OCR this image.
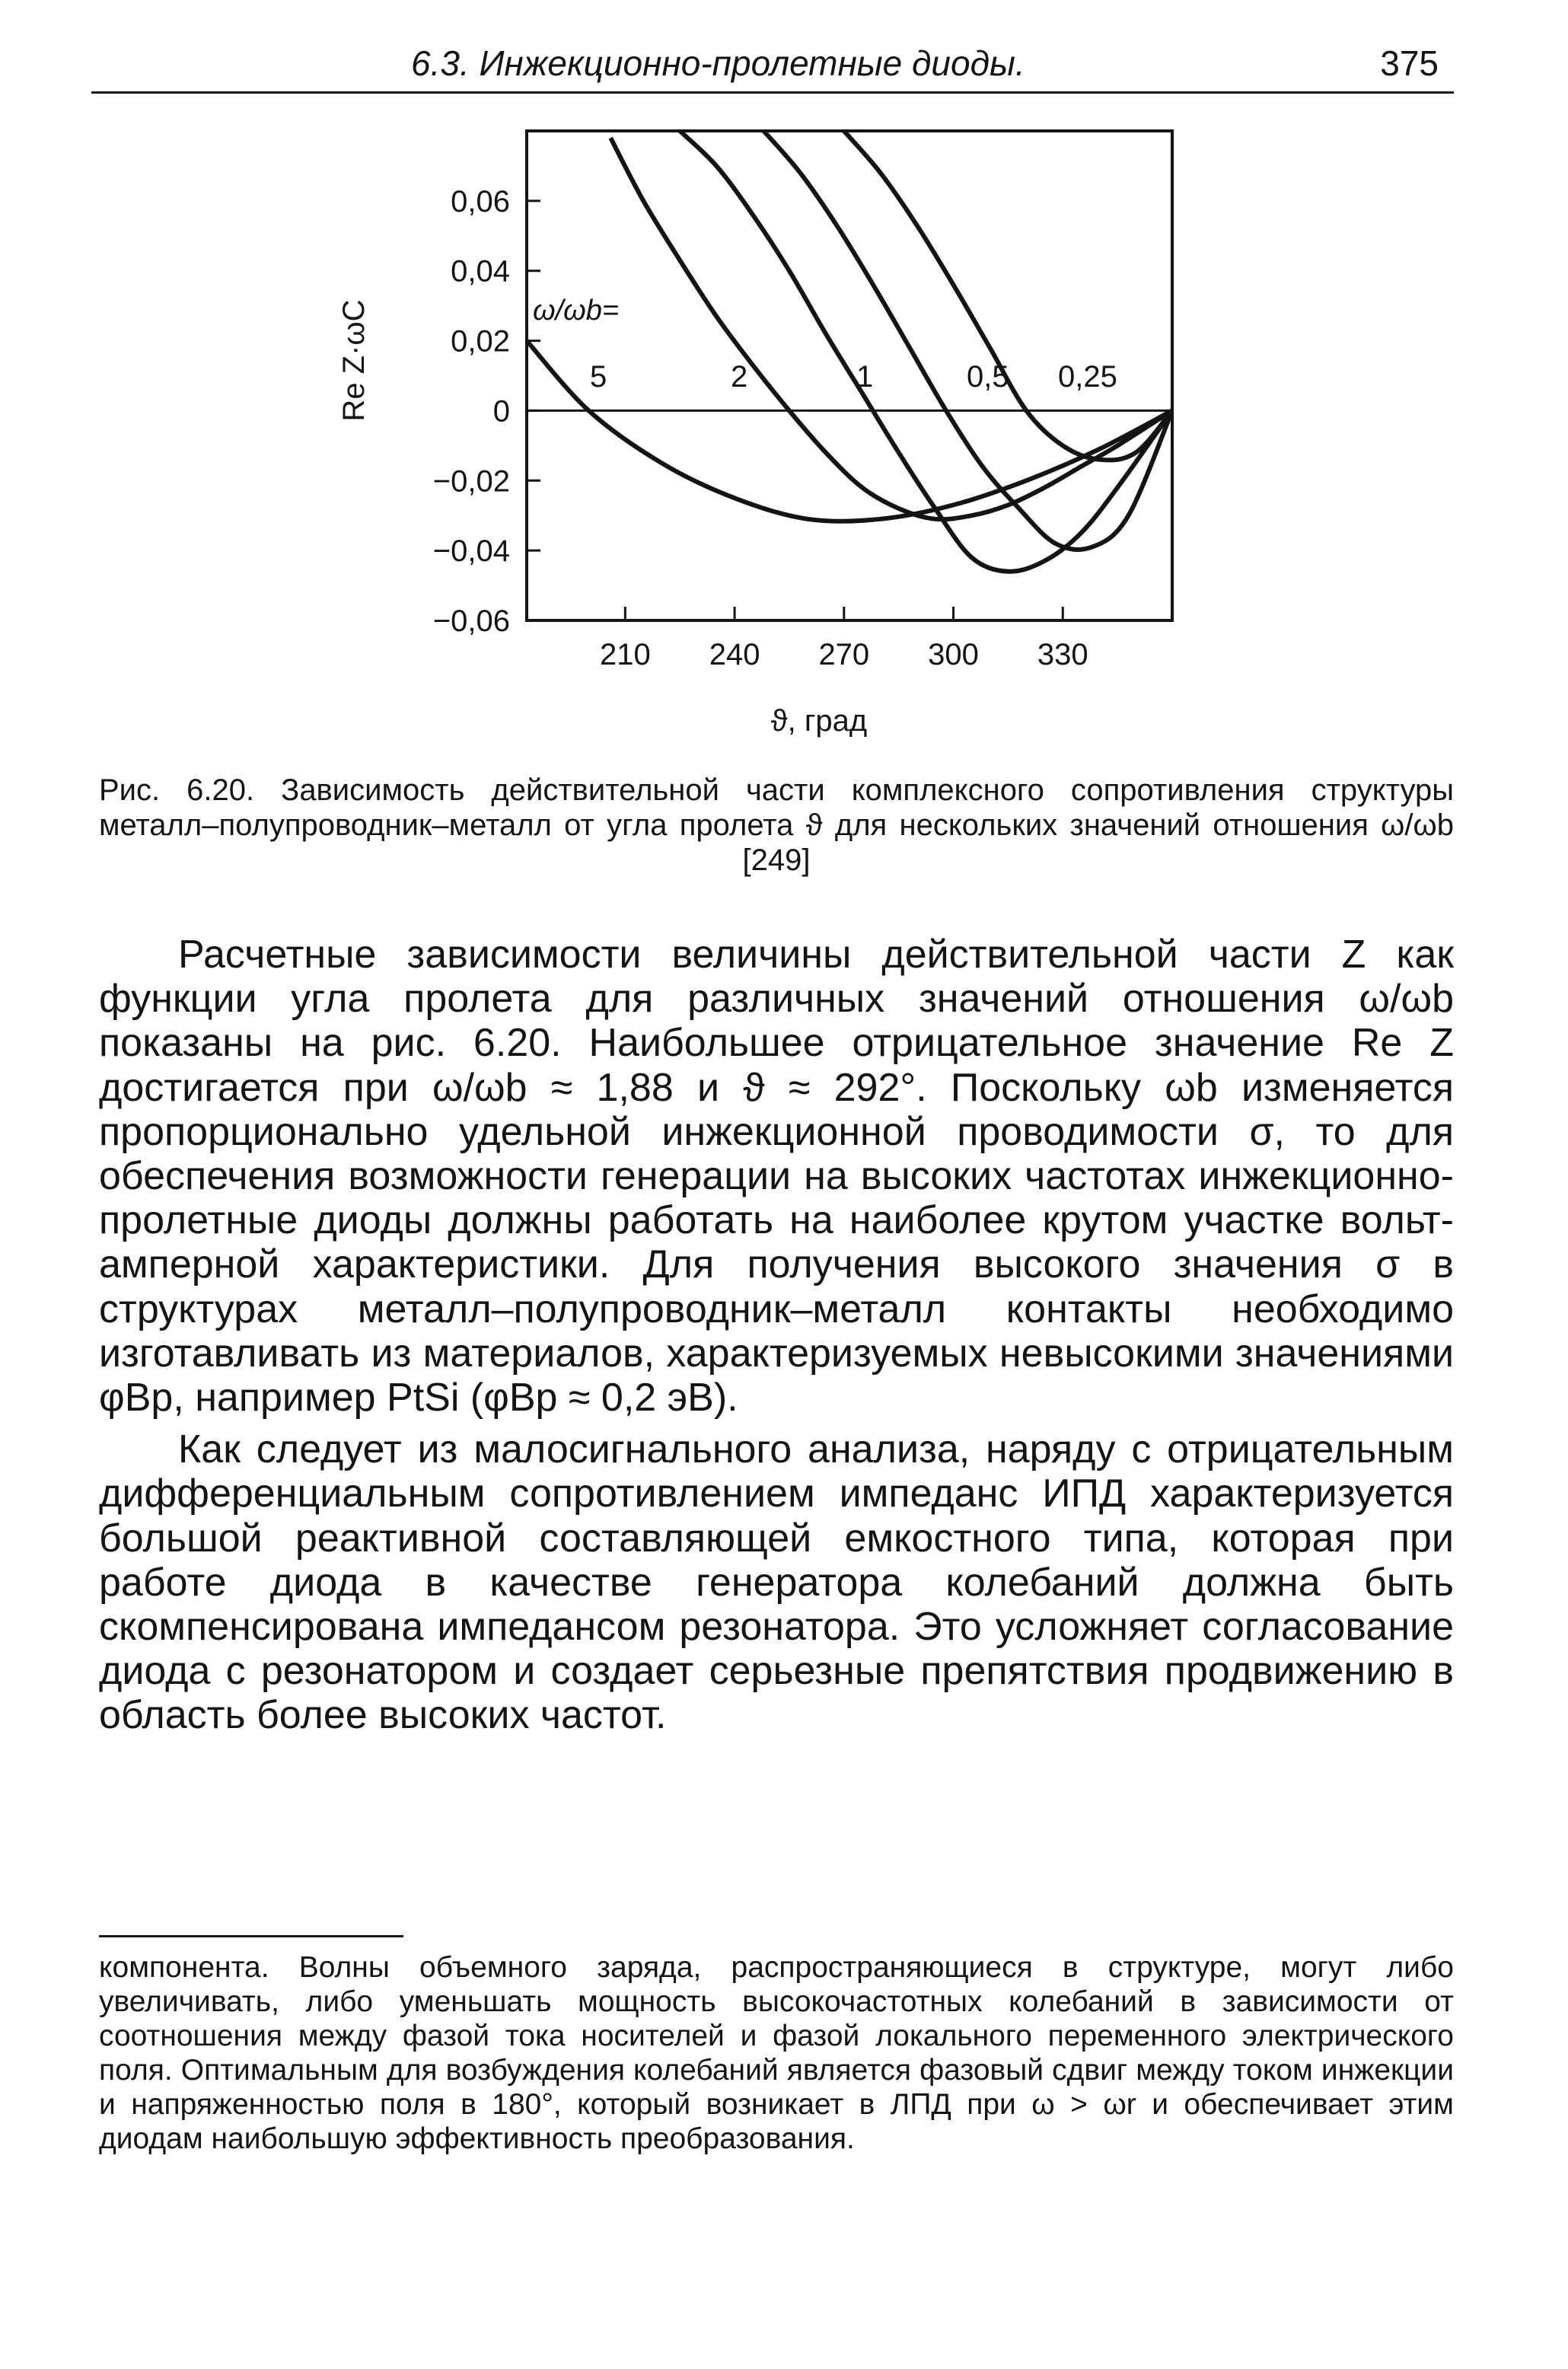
6.3. Инжекционно-пролетные диоды.	375
0,06
0,04
0,02
0
−0,02
−0,04
−0,06
210 240 270 300 330
5	2	1	0,5 0,25
ω/ωb=
Re Z·ωC
ϑ, град

Рис. 6.20. Зависимость действительной части комплексного сопротивления структуры металл–полупроводник–металл от угла пролета ϑ для нескольких значений отношения ω/ωb [249]

Расчетные зависимости величины действительной части Z как функции угла пролета для различных значений отношения ω/ωb показаны на рис. 6.20. Наибольшее отрицательное значение Re Z достигается при ω/ωb ≈ 1,88 и ϑ ≈ 292°. Поскольку ωb изменяется пропорционально удельной инжекционной проводимости σ, то для обеспечения возможности генерации на высоких частотах инжекционно-пролетные диоды должны работать на наиболее крутом участке вольт-амперной характеристики. Для получения высокого значения σ в структурах металл–полупроводник–металл контакты необходимо изготавливать из материалов, характеризуемых невысокими значениями φBp, например PtSi (φBp ≈ 0,2 эВ).

Как следует из малосигнального анализа, наряду с отрицательным дифференциальным сопротивлением импеданс ИПД характеризуется большой реактивной составляющей емкостного типа, которая при работе диода в качестве генератора колебаний должна быть скомпенсирована импедансом резонатора. Это усложняет согласование диода с резонатором и создает серьезные препятствия продвижению в область более высоких частот.

компонента. Волны объемного заряда, распространяющиеся в структуре, могут либо увеличивать, либо уменьшать мощность высокочастотных колебаний в зависимости от соотношения между фазой тока носителей и фазой локального переменного электрического поля. Оптимальным для возбуждения колебаний является фазовый сдвиг между током инжекции и напряженностью поля в 180°, который возникает в ЛПД при ω > ωr и обеспечивает этим диодам наибольшую эффективность преобразования.
